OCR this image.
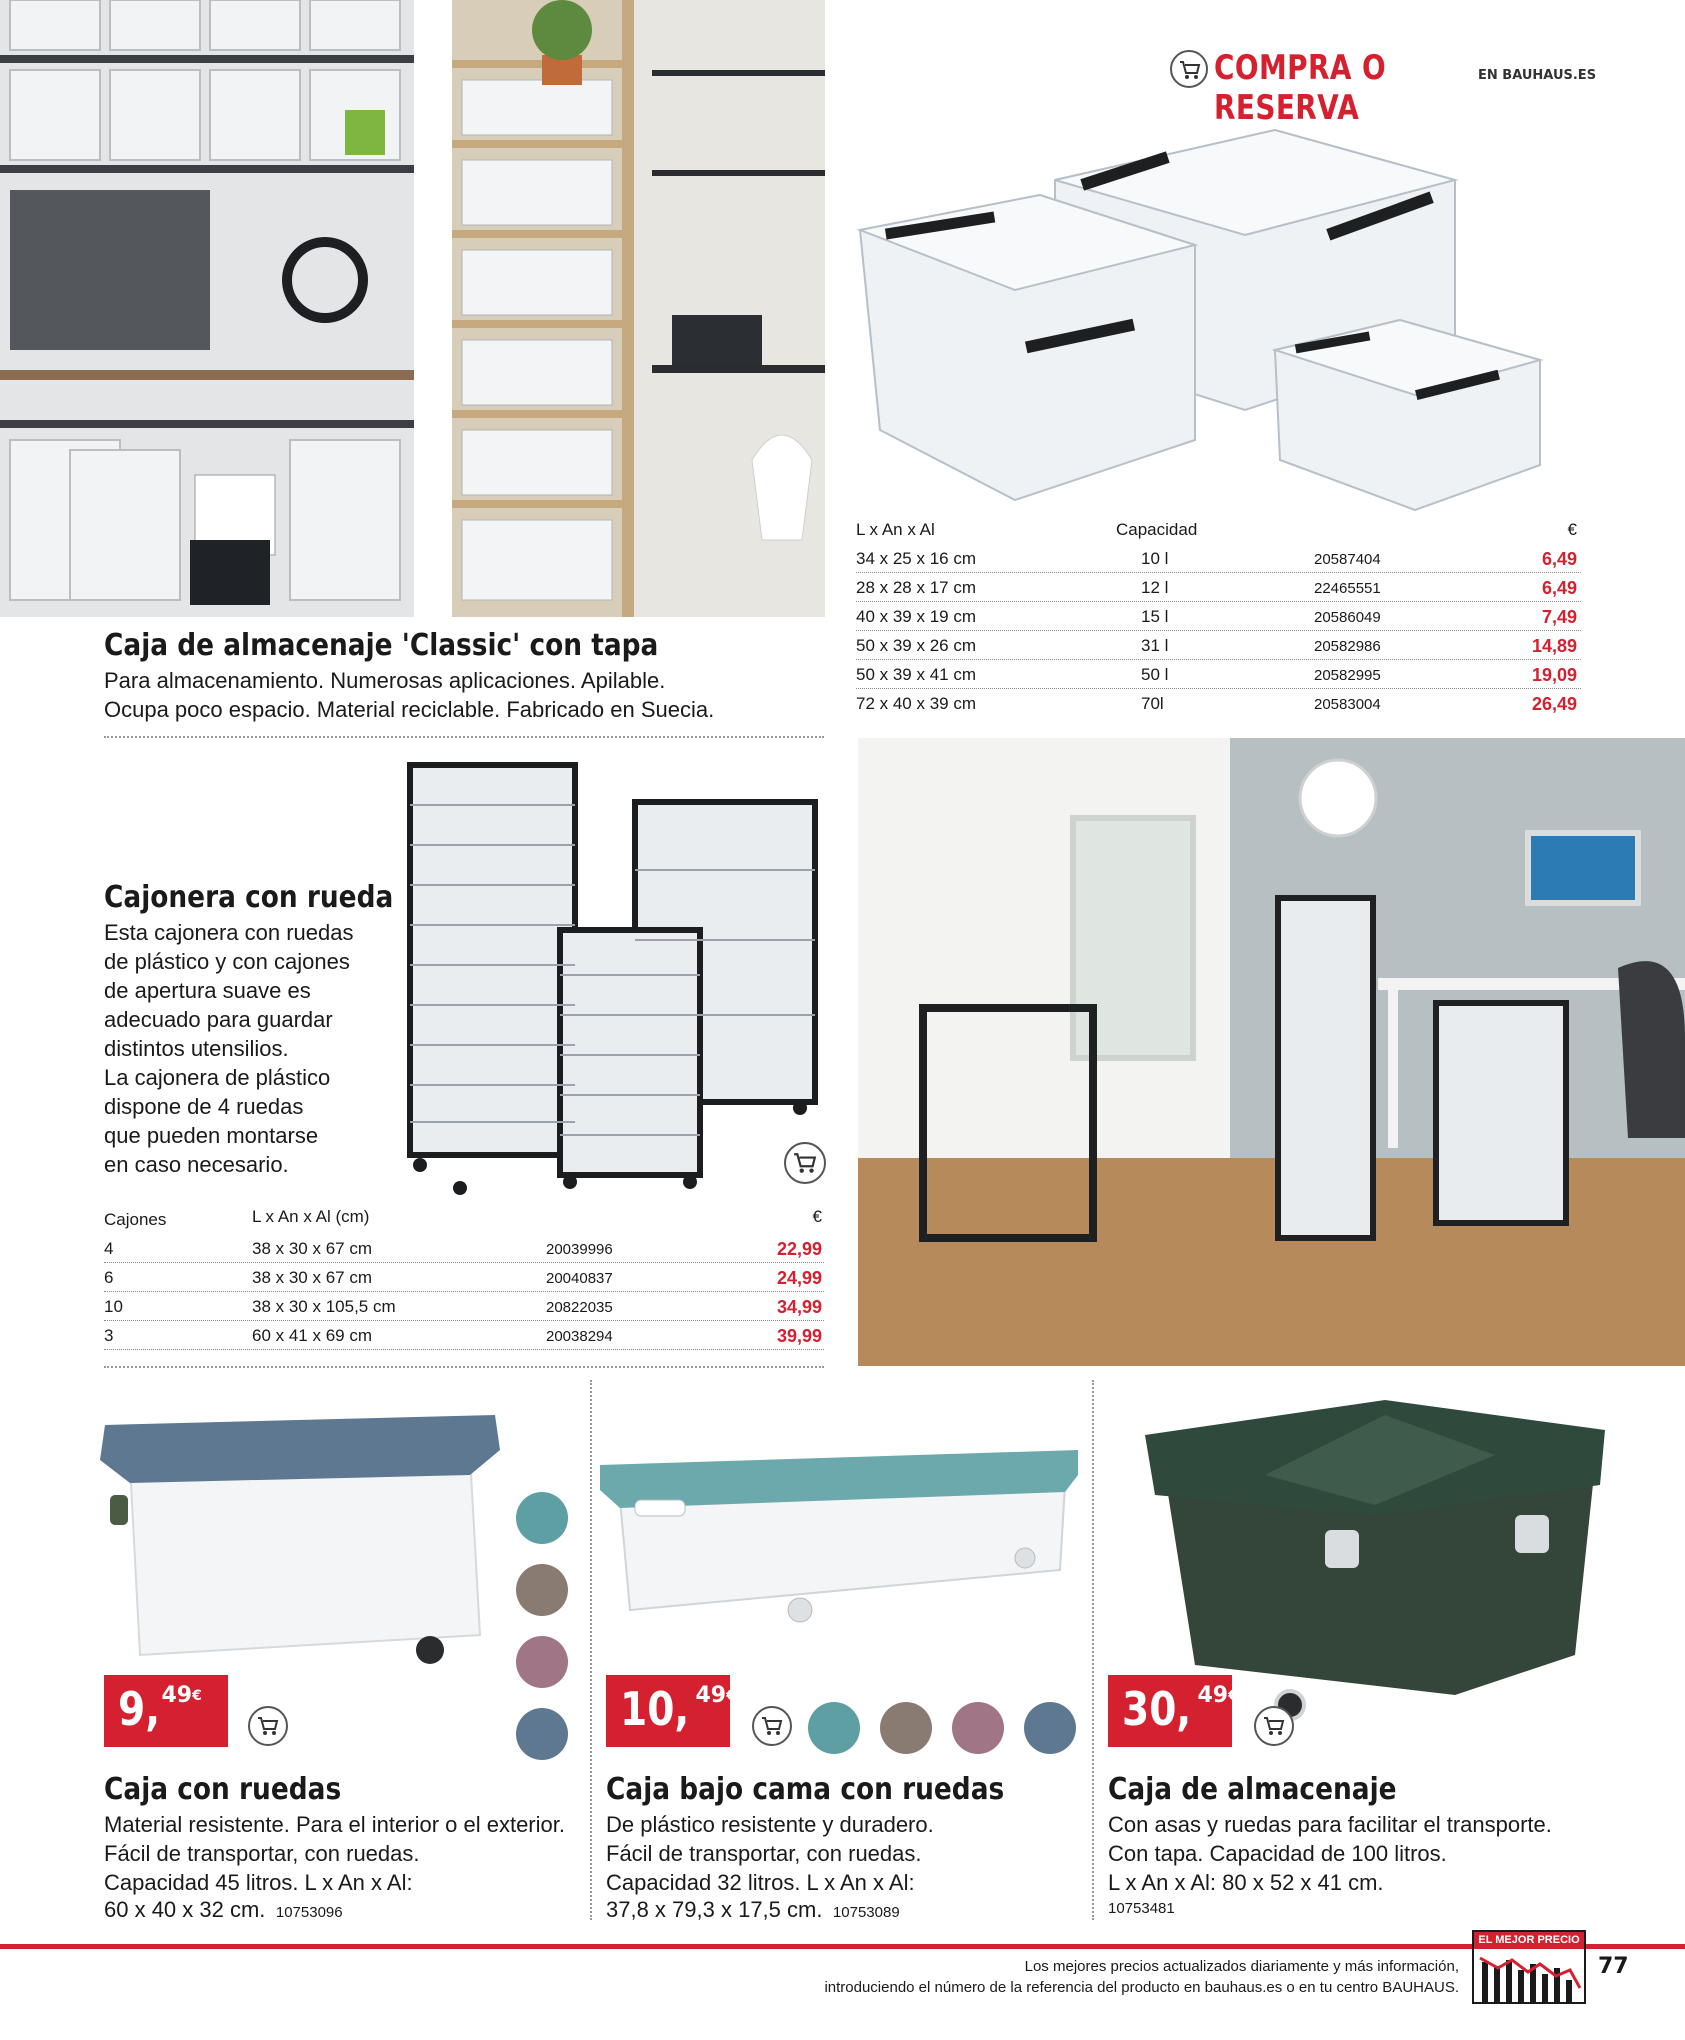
COMPRA O RESERVA
EN BAUHAUS.ES
Caja de almacenaje 'Classic' con tapa
Para almacenamiento. Numerosas aplicaciones. Apilable.
Ocupa poco espacio. Material reciclable. Fabricado en Suecia.
L x An x Al	Capacidad	€
34 x 25 x 16 cm	10 l	20587404	6,49
28 x 28 x 17 cm	12 l	22465551	6,49
40 x 39 x 19 cm	15 l	20586049	7,49
50 x 39 x 26 cm	31 l	20582986	14,89
50 x 39 x 41 cm	50 l	20582995	19,09
72 x 40 x 39 cm	70l	20583004	26,49
Cajonera con rueda
Esta cajonera con ruedas
de plástico y con cajones
de apertura suave es
adecuado para guardar
distintos utensilios.
La cajonera de plástico
dispone de 4 ruedas
que pueden montarse
en caso necesario.
Cajones	L x An x Al (cm)	€
4	38 x 30 x 67 cm	20039996	22,99
6	38 x 30 x 67 cm	20040837	24,99
10	38 x 30 x 105,5 cm	20822035	34,99
3	60 x 41 x 69 cm	20038294	39,99
9, 49 €
Caja con ruedas
Material resistente. Para el interior o el exterior.
Fácil de transportar, con ruedas.
Capacidad 45 litros. L x An x Al:
60 x 40 x 32 cm. 10753096
10, 49 €
Caja bajo cama con ruedas
De plástico resistente y duradero.
Fácil de transportar, con ruedas.
Capacidad 32 litros. L x An x Al:
37,8 x 79,3 x 17,5 cm. 10753089
30, 49 €
Caja de almacenaje
Con asas y ruedas para facilitar el transporte.
Con tapa. Capacidad de 100 litros.
L x An x Al: 80 x 52 x 41 cm.
10753481
Los mejores precios actualizados diariamente y más información,
introduciendo el número de la referencia del producto en bauhaus.es o en tu centro BAUHAUS.
EL MEJOR PRECIO
77
